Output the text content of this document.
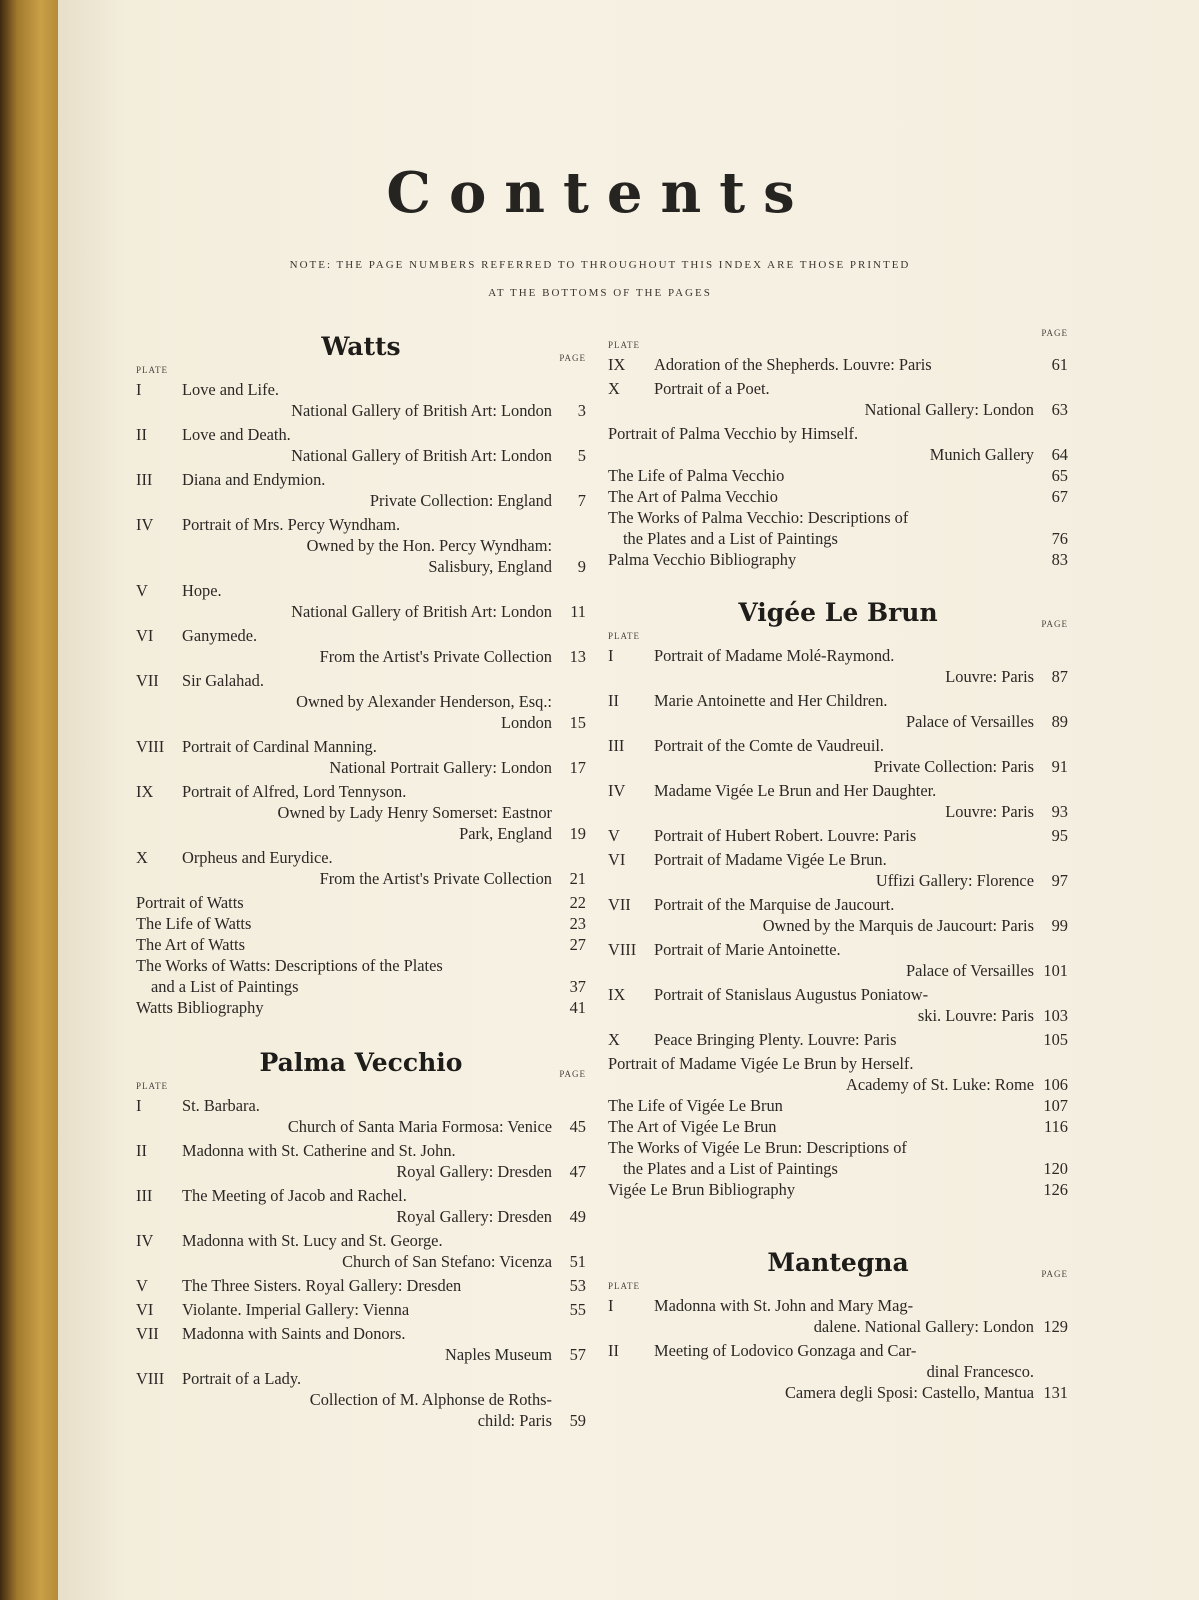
Contents
NOTE: THE PAGE NUMBERS REFERRED TO THROUGHOUT THIS INDEX ARE THOSE PRINTED
AT THE BOTTOMS OF THE PAGES
Watts
PLATE
PAGE
I	Love and Life.
National Gallery of British Art: London	3
II	Love and Death.
National Gallery of British Art: London	5
III	Diana and Endymion.
Private Collection: England	7
IV	Portrait of Mrs. Percy Wyndham.
Owned by the Hon. Percy Wyndham:
Salisbury, England	9
V	Hope.
National Gallery of British Art: London	11
VI	Ganymede.
From the Artist's Private Collection	13
VII	Sir Galahad.
Owned by Alexander Henderson, Esq.:
London	15
VIII	Portrait of Cardinal Manning.
National Portrait Gallery: London	17
IX	Portrait of Alfred, Lord Tennyson.
Owned by Lady Henry Somerset: Eastnor
Park, England	19
X	Orpheus and Eurydice.
From the Artist's Private Collection	21
Portrait of Watts	22
The Life of Watts	23
The Art of Watts	27
The Works of Watts: Descriptions of the Plates
and a List of Paintings	37
Watts Bibliography	41
Palma Vecchio
PLATE
PAGE
I	St. Barbara.
Church of Santa Maria Formosa: Venice	45
II	Madonna with St. Catherine and St. John.
Royal Gallery: Dresden	47
III	The Meeting of Jacob and Rachel.
Royal Gallery: Dresden	49
IV	Madonna with St. Lucy and St. George.
Church of San Stefano: Vicenza	51
V	The Three Sisters. Royal Gallery: Dresden	53
VI	Violante. Imperial Gallery: Vienna	55
VII	Madonna with Saints and Donors.
Naples Museum	57
VIII	Portrait of a Lady.
Collection of M. Alphonse de Roths-
child: Paris	59
PLATE
PAGE
IX	Adoration of the Shepherds. Louvre: Paris	61
X	Portrait of a Poet.
National Gallery: London	63
Portrait of Palma Vecchio by Himself.
Munich Gallery	64
The Life of Palma Vecchio	65
The Art of Palma Vecchio	67
The Works of Palma Vecchio: Descriptions of
the Plates and a List of Paintings	76
Palma Vecchio Bibliography	83
Vigée Le Brun
PLATE
PAGE
I	Portrait of Madame Molé-Raymond.
Louvre: Paris	87
II	Marie Antoinette and Her Children.
Palace of Versailles	89
III	Portrait of the Comte de Vaudreuil.
Private Collection: Paris	91
IV	Madame Vigée Le Brun and Her Daughter.
Louvre: Paris	93
V	Portrait of Hubert Robert. Louvre: Paris	95
VI	Portrait of Madame Vigée Le Brun.
Uffizi Gallery: Florence	97
VII	Portrait of the Marquise de Jaucourt.
Owned by the Marquis de Jaucourt: Paris	99
VIII	Portrait of Marie Antoinette.
Palace of Versailles 101
IX	Portrait of Stanislaus Augustus Poniatow-
ski. Louvre: Paris 103
X	Peace Bringing Plenty. Louvre: Paris	105
Portrait of Madame Vigée Le Brun by Herself.
Academy of St. Luke: Rome 106
The Life of Vigée Le Brun	107
The Art of Vigée Le Brun	116
The Works of Vigée Le Brun: Descriptions of
the Plates and a List of Paintings	120
Vigée Le Brun Bibliography	126
Mantegna
PLATE
PAGE
I	Madonna with St. John and Mary Mag-
dalene. National Gallery: London 129
II	Meeting of Lodovico Gonzaga and Car-
dinal Francesco.
Camera degli Sposi: Castello, Mantua 131
